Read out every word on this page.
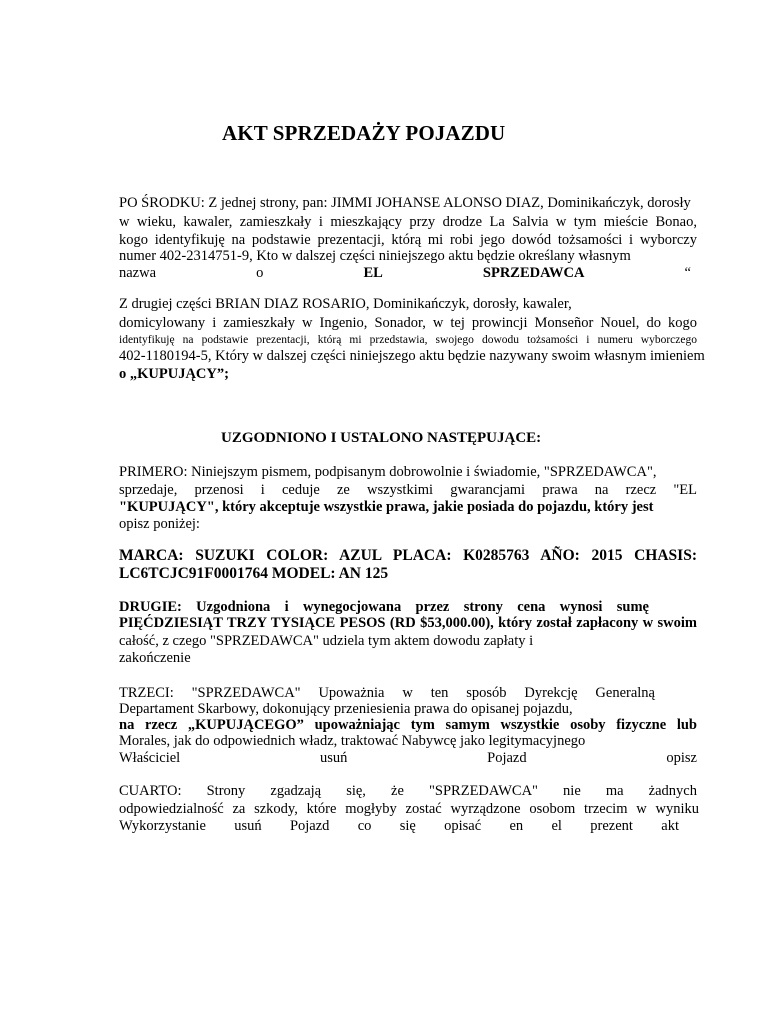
AKT SPRZEDAŻY POJAZDU
PO ŚRODKU: Z jednej strony, pan: JIMMI JOHANSE ALONSO DIAZ, Dominikańczyk, dorosły
w wieku, kawaler, zamieszkały i mieszkający przy drodze La Salvia w tym mieście Bonao,
kogo identyfikuję na podstawie prezentacji, którą mi robi jego dowód tożsamości i wyborczy
numer 402-2314751-9, Kto w dalszej części niniejszego aktu będzie określany własnym
nazwa	o	EL	SPRZEDAWCA	“
Z drugiej części BRIAN DIAZ ROSARIO, Dominikańczyk, dorosły, kawaler,
domicylowany i zamieszkały w Ingenio, Sonador, w tej prowincji Monseñor Nouel, do kogo
identyfikuję na podstawie prezentacji, którą mi przedstawia, swojego dowodu tożsamości i numeru wyborczego
402-1180194-5, Który w dalszej części niniejszego aktu będzie nazywany swoim własnym imieniem
o „KUPUJĄCY”;
UZGODNIONO I USTALONO NASTĘPUJĄCE:
PRIMERO: Niniejszym pismem, podpisanym dobrowolnie i świadomie, "SPRZEDAWCA",
sprzedaje, przenosi i ceduje ze wszystkimi gwarancjami prawa na rzecz "EL
"KUPUJĄCY", który akceptuje wszystkie prawa, jakie posiada do pojazdu, który jest
opisz poniżej:
MARCA: SUZUKI COLOR: AZUL PLACA: K0285763 AÑO: 2015 CHASIS:
LC6TCJC91F0001764 MODEL: AN 125
DRUGIE: Uzgodniona i wynegocjowana przez strony cena wynosi sumę
PIĘĆDZIESIĄT TRZY TYSIĄCE PESOS (RD $53,000.00), który został zapłacony w swoim
całość, z czego "SPRZEDAWCA" udziela tym aktem dowodu zapłaty i
zakończenie
TRZECI: "SPRZEDAWCA" Upoważnia w ten sposób Dyrekcję Generalną
Departament Skarbowy, dokonujący przeniesienia prawa do opisanej pojazdu,
na rzecz „KUPUJĄCEGO” upoważniając tym samym wszystkie osoby fizyczne lub
Morales, jak do odpowiednich władz, traktować Nabywcę jako legitymacyjnego
Właściciel	usuń	Pojazd	opisz
CUARTO: Strony zgadzają się, że "SPRZEDAWCA" nie ma żadnych
odpowiedzialność za szkody, które mogłyby zostać wyrządzone osobom trzecim w wyniku
Wykorzystanie usuń Pojazd co się opisać en el prezent akt
